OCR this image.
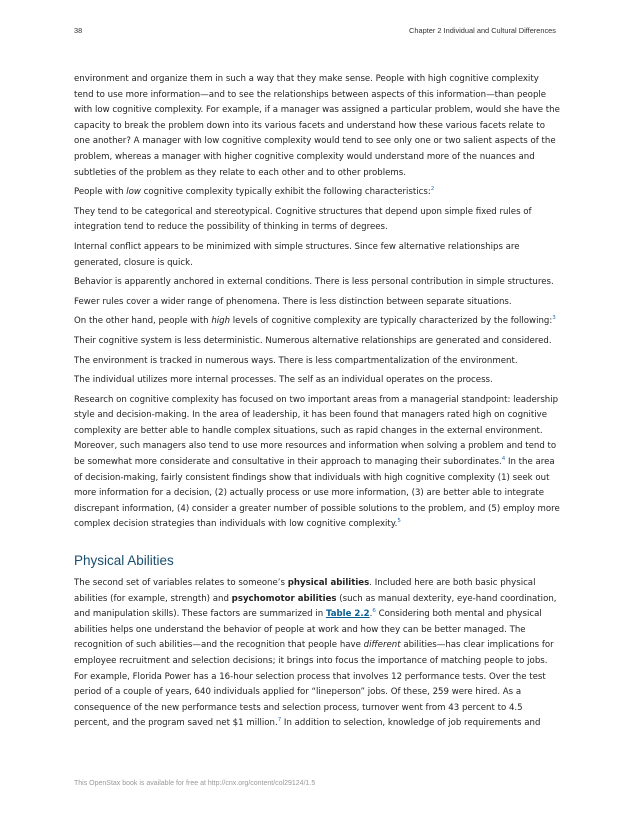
38	Chapter 2 Individual and Cultural Differences

environment and organize them in such a way that they make sense. People with high cognitive complexity tend to use more information—and to see the relationships between aspects of this information—than people with low cognitive complexity. For example, if a manager was assigned a particular problem, would she have the capacity to break the problem down into its various facets and understand how these various facets relate to one another? A manager with low cognitive complexity would tend to see only one or two salient aspects of the problem, whereas a manager with higher cognitive complexity would understand more of the nuances and subtleties of the problem as they relate to each other and to other problems.

People with low cognitive complexity typically exhibit the following characteristics:$^2$

They tend to be categorical and stereotypical. Cognitive structures that depend upon simple fixed rules of integration tend to reduce the possibility of thinking in terms of degrees.

Internal conflict appears to be minimized with simple structures. Since few alternative relationships are generated, closure is quick.

Behavior is apparently anchored in external conditions. There is less personal contribution in simple structures.

Fewer rules cover a wider range of phenomena. There is less distinction between separate situations.

On the other hand, people with high levels of cognitive complexity are typically characterized by the following:$^3$

Their cognitive system is less deterministic. Numerous alternative relationships are generated and considered.

The environment is tracked in numerous ways. There is less compartmentalization of the environment.

The individual utilizes more internal processes. The self as an individual operates on the process.

Research on cognitive complexity has focused on two important areas from a managerial standpoint: leadership style and decision-making. In the area of leadership, it has been found that managers rated high on cognitive complexity are better able to handle complex situations, such as rapid changes in the external environment. Moreover, such managers also tend to use more resources and information when solving a problem and tend to be somewhat more considerate and consultative in their approach to managing their subordinates.$^4$ In the area of decision-making, fairly consistent findings show that individuals with high cognitive complexity (1) seek out more information for a decision, (2) actually process or use more information, (3) are better able to integrate discrepant information, (4) consider a greater number of possible solutions to the problem, and (5) employ more complex decision strategies than individuals with low cognitive complexity.$^5$

Physical Abilities

The second set of variables relates to someone’s physical abilities. Included here are both basic physical abilities (for example, strength) and psychomotor abilities (such as manual dexterity, eye-hand coordination, and manipulation skills). These factors are summarized in Table 2.2.$^6$ Considering both mental and physical abilities helps one understand the behavior of people at work and how they can be better managed. The recognition of such abilities—and the recognition that people have different abilities—has clear implications for employee recruitment and selection decisions; it brings into focus the importance of matching people to jobs. For example, Florida Power has a 16-hour selection process that involves 12 performance tests. Over the test period of a couple of years, 640 individuals applied for “lineperson” jobs. Of these, 259 were hired. As a consequence of the new performance tests and selection process, turnover went from 43 percent to 4.5 percent, and the program saved net $1 million.$^7$ In addition to selection, knowledge of job requirements and

This OpenStax book is available for free at http://cnx.org/content/col29124/1.5
